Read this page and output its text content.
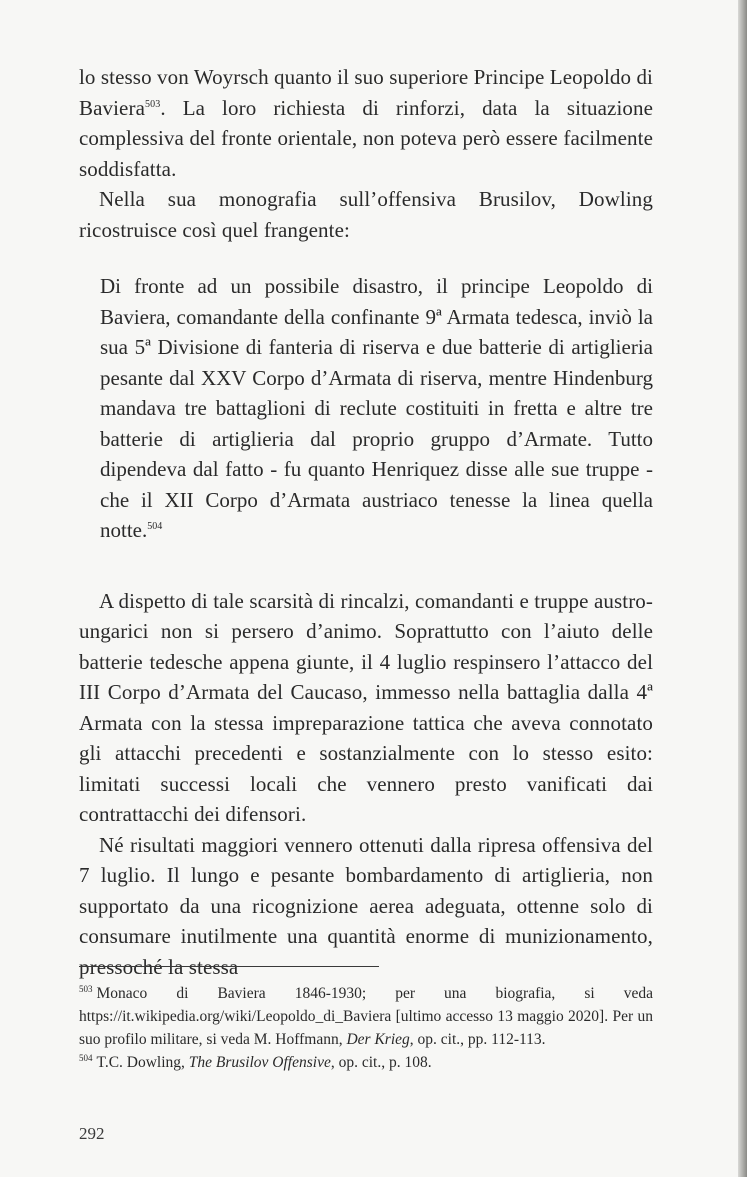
lo stesso von Woyrsch quanto il suo superiore Principe Leopoldo di Baviera$^{503}$. La loro richiesta di rinforzi, data la situazione complessiva del fronte orientale, non poteva però essere facilmente soddisfatta.

Nella sua monografia sull’offensiva Brusilov, Dowling ricostruisce così quel frangente:

Di fronte ad un possibile disastro, il principe Leopoldo di Baviera, comandante della confinante 9ª Armata tedesca, inviò la sua 5ª Divisione di fanteria di riserva e due batterie di artiglieria pesante dal XXV Corpo d’Armata di riserva, mentre Hindenburg mandava tre battaglioni di reclute costituiti in fretta e altre tre batterie di artiglieria dal proprio gruppo d’Armate. Tutto dipendeva dal fatto - fu quanto Henriquez disse alle sue truppe - che il XII Corpo d’Armata austriaco tenesse la linea quella notte.$^{504}$

A dispetto di tale scarsità di rincalzi, comandanti e truppe austro-ungarici non si persero d’animo. Soprattutto con l’aiuto delle batterie tedesche appena giunte, il 4 luglio respinsero l’attacco del III Corpo d’Armata del Caucaso, immesso nella battaglia dalla 4ª Armata con la stessa impreparazione tattica che aveva connotato gli attacchi precedenti e sostanzialmente con lo stesso esito: limitati successi locali che vennero presto vanificati dai contrattacchi dei difensori.

Né risultati maggiori vennero ottenuti dalla ripresa offensiva del 7 luglio. Il lungo e pesante bombardamento di artiglieria, non supportato da una ricognizione aerea adeguata, ottenne solo di consumare inutilmente una quantità enorme di munizionamento, pressoché la stessa

$^{503}$ Monaco di Baviera 1846-1930; per una biografia, si veda https://it.wikipedia.org/wiki/Leopoldo_di_Baviera [ultimo accesso 13 maggio 2020]. Per un suo profilo militare, si veda M. Hoffmann, Der Krieg, op. cit., pp. 112-113.

$^{504}$ T.C. Dowling, The Brusilov Offensive, op. cit., p. 108.

292
